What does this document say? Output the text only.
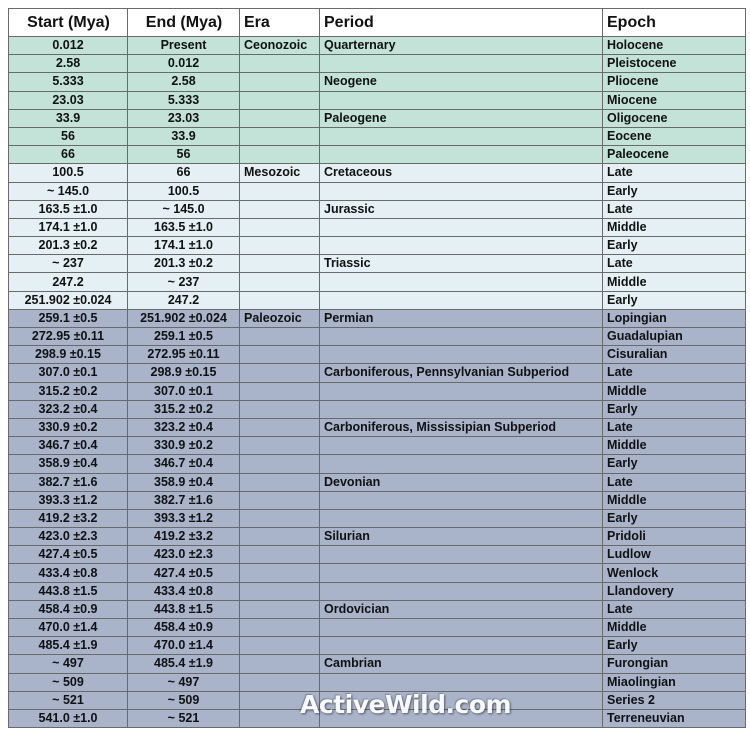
Start (Mya)	End (Mya)	Era	Period	Epoch
0.012	Present	Ceonozoic	Quarternary	Holocene
2.58	0.012			Pleistocene
5.333	2.58		Neogene	Pliocene
23.03	5.333			Miocene
33.9	23.03		Paleogene	Oligocene
56	33.9			Eocene
66	56			Paleocene
100.5	66	Mesozoic	Cretaceous	Late
~ 145.0	100.5			Early
163.5 ±1.0	~ 145.0		Jurassic	Late
174.1 ±1.0	163.5 ±1.0			Middle
201.3 ±0.2	174.1 ±1.0			Early
~ 237	201.3 ±0.2		Triassic	Late
247.2	~ 237			Middle
251.902 ±0.024	247.2			Early
259.1 ±0.5	251.902 ±0.024	Paleozoic	Permian	Lopingian
272.95 ±0.11	259.1 ±0.5			Guadalupian
298.9 ±0.15	272.95 ±0.11			Cisuralian
307.0 ±0.1	298.9 ±0.15		Carboniferous, Pennsylvanian Subperiod	Late
315.2 ±0.2	307.0 ±0.1			Middle
323.2 ±0.4	315.2 ±0.2			Early
330.9 ±0.2	323.2 ±0.4		Carboniferous, Mississipian Subperiod	Late
346.7 ±0.4	330.9 ±0.2			Middle
358.9 ±0.4	346.7 ±0.4			Early
382.7 ±1.6	358.9 ±0.4		Devonian	Late
393.3 ±1.2	382.7 ±1.6			Middle
419.2 ±3.2	393.3 ±1.2			Early
423.0 ±2.3	419.2 ±3.2		Silurian	Pridoli
427.4 ±0.5	423.0 ±2.3			Ludlow
433.4 ±0.8	427.4 ±0.5			Wenlock
443.8 ±1.5	433.4 ±0.8			Llandovery
458.4 ±0.9	443.8 ±1.5		Ordovician	Late
470.0 ±1.4	458.4 ±0.9			Middle
485.4 ±1.9	470.0 ±1.4			Early
~ 497	485.4 ±1.9		Cambrian	Furongian
~ 509	~ 497			Miaolingian
~ 521	~ 509			Series 2
541.0 ±1.0	~ 521			Terreneuvian
ActiveWild.com
